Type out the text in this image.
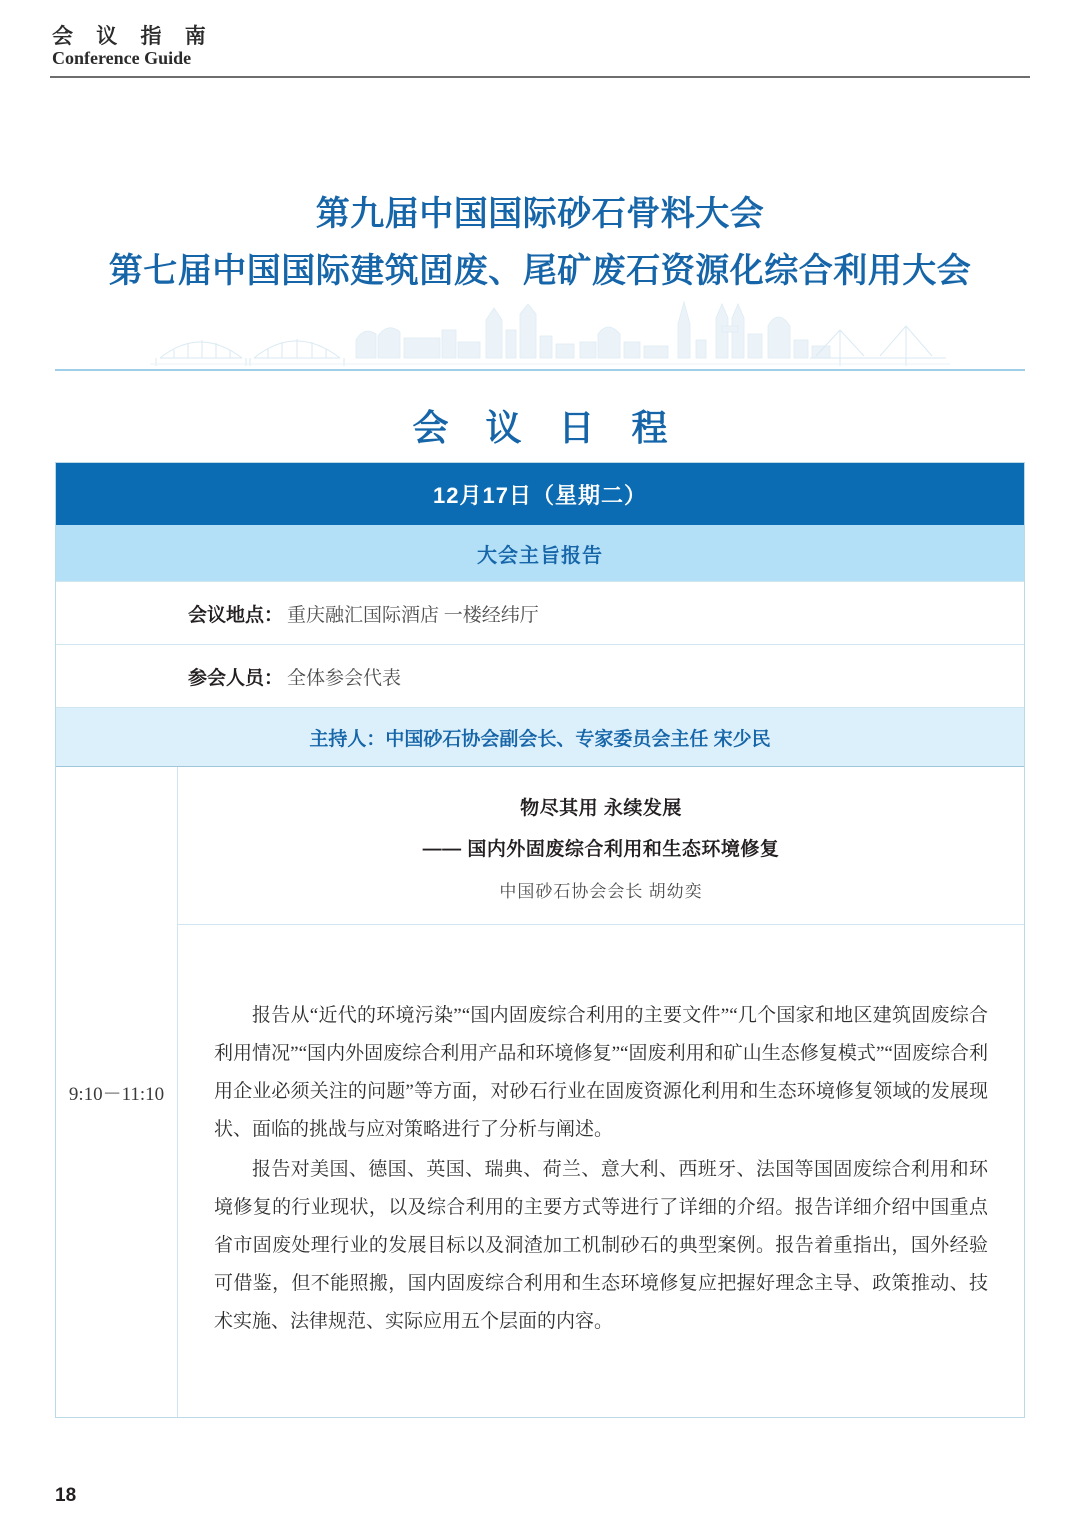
会 议 指 南
Conference Guide
第九届中国国际砂石骨料大会
第七届中国国际建筑固废、尾矿废石资源化综合利用大会
会 议 日 程
12月17日（星期二）
大会主旨报告
会议地点： 重庆融汇国际酒店 一楼经纬厅
参会人员： 全体参会代表
主持人：中国砂石协会副会长、专家委员会主任 宋少民
9:10－11:10
物尽其用 永续发展
—— 国内外固废综合利用和生态环境修复
中国砂石协会会长 胡幼奕

报告从“近代的环境污染”“国内固废综合利用的主要文件”“几个国家和地区建筑固废综合利用情况”“国内外固废综合利用产品和环境修复”“固废利用和矿山生态修复模式”“固废综合利用企业必须关注的问题”等方面，对砂石行业在固废资源化利用和生态环境修复领域的发展现状、面临的挑战与应对策略进行了分析与阐述。

报告对美国、德国、英国、瑞典、荷兰、意大利、西班牙、法国等国固废综合利用和环境修复的行业现状，以及综合利用的主要方式等进行了详细的介绍。报告详细介绍中国重点省市固废处理行业的发展目标以及洞渣加工机制砂石的典型案例。报告着重指出，国外经验可借鉴，但不能照搬，国内固废综合利用和生态环境修复应把握好理念主导、政策推动、技术实施、法律规范、实际应用五个层面的内容。

18
